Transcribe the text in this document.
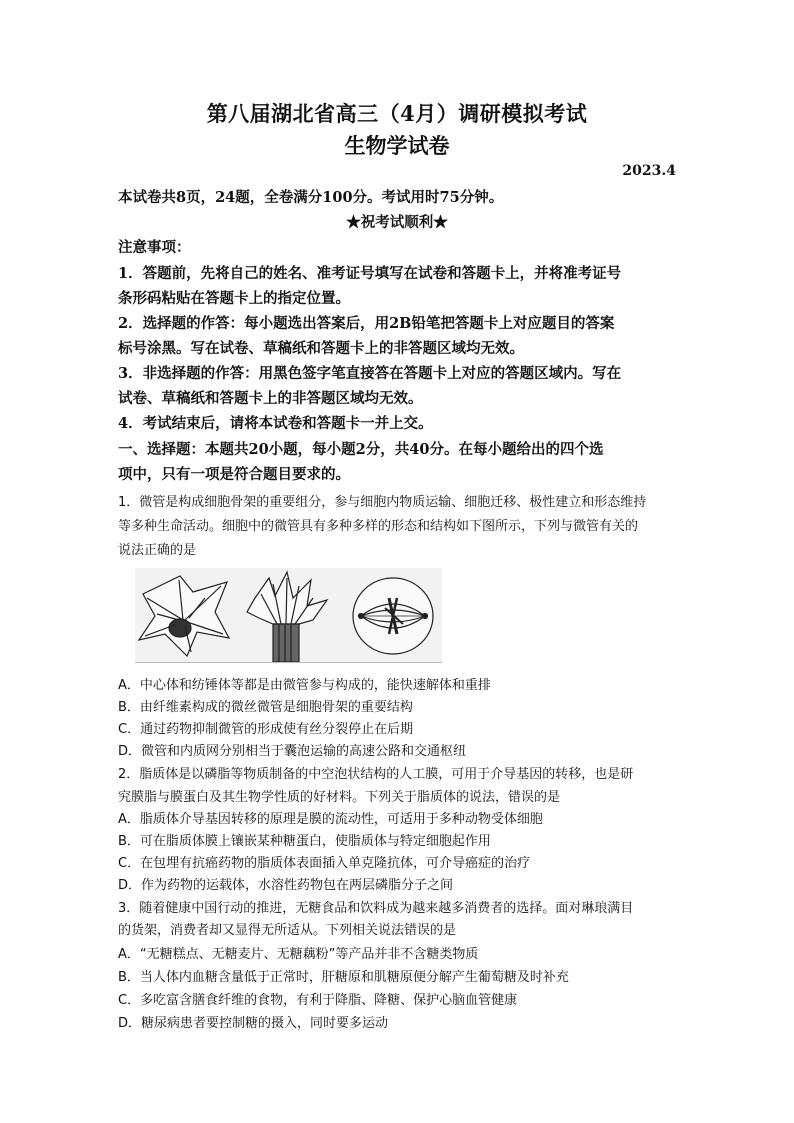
第八届湖北省高三（4月）调研模拟考试
生物学试卷
2023.4
本试卷共8页，24题，全卷满分100分。考试用时75分钟。
★祝考试顺利★
注意事项：
1．答题前，先将自己的姓名、准考证号填写在试卷和答题卡上，并将准考证号
条形码粘贴在答题卡上的指定位置。
2．选择题的作答：每小题选出答案后，用2B铅笔把答题卡上对应题目的答案
标号涂黑。写在试卷、草稿纸和答题卡上的非答题区域均无效。
3．非选择题的作答：用黑色签字笔直接答在答题卡上对应的答题区域内。写在
试卷、草稿纸和答题卡上的非答题区域均无效。
4．考试结束后，请将本试卷和答题卡一并上交。
一、选择题：本题共20小题，每小题2分，共40分。在每小题给出的四个选
项中，只有一项是符合题目要求的。
1．微管是构成细胞骨架的重要组分，参与细胞内物质运输、细胞迁移、极性建立和形态维持
等多种生命活动。细胞中的微管具有多种多样的形态和结构如下图所示，下列与微管有关的
说法正确的是
A．中心体和纺锤体等都是由微管参与构成的，能快速解体和重排
B．由纤维素构成的微丝微管是细胞骨架的重要结构
C．通过药物抑制微管的形成使有丝分裂停止在后期
D．微管和内质网分别相当于囊泡运输的高速公路和交通枢纽
2．脂质体是以磷脂等物质制备的中空泡状结构的人工膜，可用于介导基因的转移，也是研
究膜脂与膜蛋白及其生物学性质的好材料。下列关于脂质体的说法，错误的是
A．脂质体介导基因转移的原理是膜的流动性，可适用于多种动物受体细胞
B．可在脂质体膜上镶嵌某种糖蛋白，使脂质体与特定细胞起作用
C．在包埋有抗癌药物的脂质体表面插入单克隆抗体，可介导癌症的治疗
D．作为药物的运载体，水溶性药物包在两层磷脂分子之间
3．随着健康中国行动的推进，无糖食品和饮料成为越来越多消费者的选择。面对琳琅满目
的货架，消费者却又显得无所适从。下列相关说法错误的是
A．“无糖糕点、无糖麦片、无糖藕粉”等产品并非不含糖类物质
B．当人体内血糖含量低于正常时，肝糖原和肌糖原便分解产生葡萄糖及时补充
C．多吃富含膳食纤维的食物，有利于降脂、降糖、保护心脑血管健康
D．糖尿病患者要控制糖的摄入，同时要多运动
